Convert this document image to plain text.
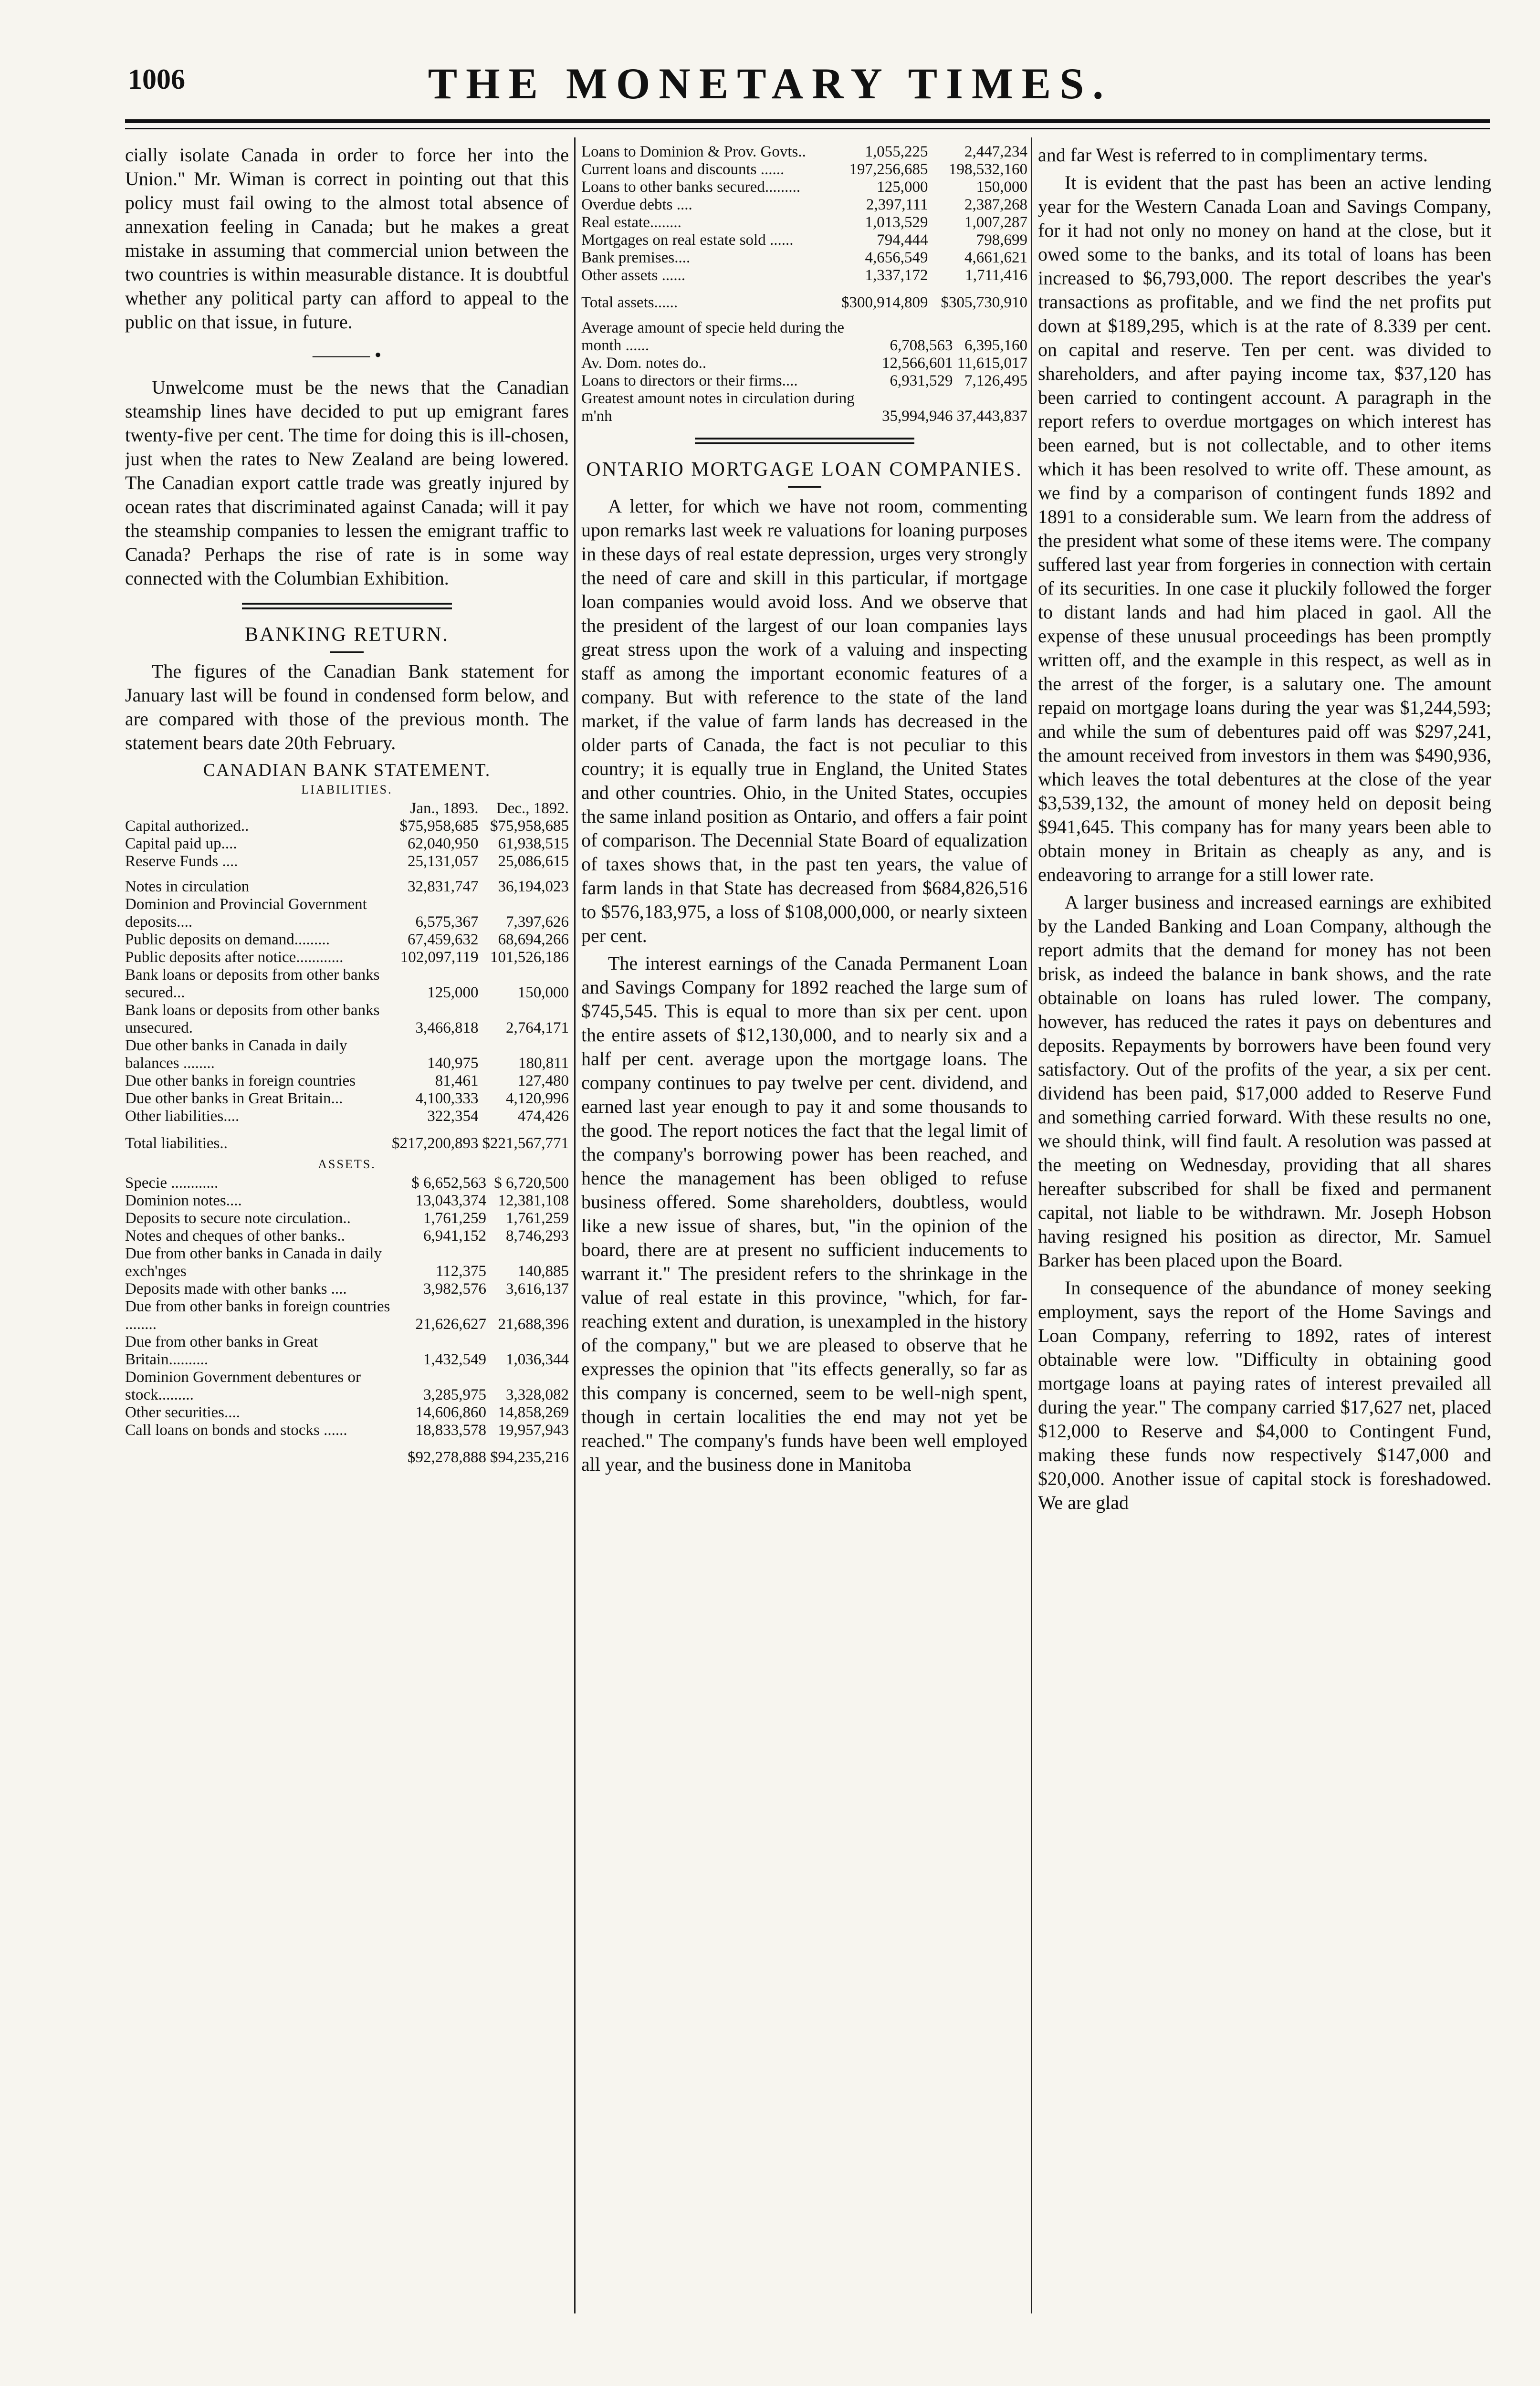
1006	THE MONETARY TIMES.

cially isolate Canada in order to force her into the Union." Mr. Wiman is correct in pointing out that this policy must fail owing to the almost total absence of annexation feeling in Canada; but he makes a great mistake in assuming that commercial union between the two countries is within measurable distance. It is doubtful whether any political party can afford to appeal to the public on that issue, in future.

——— •

Unwelcome must be the news that the Canadian steamship lines have decided to put up emigrant fares twenty-five per cent. The time for doing this is ill-chosen, just when the rates to New Zealand are being lowered. The Canadian export cattle trade was greatly injured by ocean rates that discriminated against Canada; will it pay the steamship companies to lessen the emigrant traffic to Canada? Perhaps the rise of rate is in some way connected with the Columbian Exhibition.

BANKING RETURN.

The figures of the Canadian Bank statement for January last will be found in condensed form below, and are compared with those of the previous month. The statement bears date 20th February.

CANADIAN BANK STATEMENT.
LIABILITIES.
	Jan., 1893.	Dec., 1892.
Capital authorized..	$75,958,685	$75,958,685
Capital paid up....	62,040,950	61,938,515
Reserve Funds ....	25,131,057	25,086,615
Notes in circulation	32,831,747	36,194,023
Dominion and Provincial Government deposits....	6,575,367	7,397,626
Public deposits on demand.........	67,459,632	68,694,266
Public deposits after notice............	102,097,119	101,526,186
Bank loans or deposits from other banks secured...	125,000	150,000
Bank loans or deposits from other banks unsecured.	3,466,818	2,764,171
Due other banks in Canada in daily balances ........	140,975	180,811
Due other banks in foreign countries	81,461	127,480
Due other banks in Great Britain...	4,100,333	4,120,996
Other liabilities....	322,354	474,426
Total liabilities..	$217,200,893	$221,567,771
ASSETS.
Specie ............	$ 6,652,563	$ 6,720,500
Dominion notes....	13,043,374	12,381,108
Deposits to secure note circulation..	1,761,259	1,761,259
Notes and cheques of other banks..	6,941,152	8,746,293
Due from other banks in Canada in daily exch'nges	112,375	140,885
Deposits made with other banks ....	3,982,576	3,616,137
Due from other banks in foreign countries ........	21,626,627	21,688,396
Due from other banks in Great Britain..........	1,432,549	1,036,344
Dominion Government debentures or stock.........	3,285,975	3,328,082
Other securities....	14,606,860	14,858,269
Call loans on bonds and stocks ......	18,833,578	19,957,943
	$92,278,888	$94,235,216
Loans to Dominion & Prov. Govts..	1,055,225	2,447,234
Current loans and discounts ......	197,256,685	198,532,160
Loans to other banks secured.........	125,000	150,000
Overdue debts ....	2,397,111	2,387,268
Real estate........	1,013,529	1,007,287
Mortgages on real estate sold ......	794,444	798,699
Bank premises....	4,656,549	4,661,621
Other assets ......	1,337,172	1,711,416
Total assets......	$300,914,809	$305,730,910
Average amount of specie held during the month ......	6,708,563	6,395,160
Av. Dom. notes do..	12,566,601	11,615,017
Loans to directors or their firms....	6,931,529	7,126,495
Greatest amount notes in circulation during m'nh	35,994,946	37,443,837
ONTARIO MORTGAGE LOAN COMPANIES.

A letter, for which we have not room, commenting upon remarks last week re valuations for loaning purposes in these days of real estate depression, urges very strongly the need of care and skill in this particular, if mortgage loan companies would avoid loss. And we observe that the president of the largest of our loan companies lays great stress upon the work of a valuing and inspecting staff as among the important economic features of a company. But with reference to the state of the land market, if the value of farm lands has decreased in the older parts of Canada, the fact is not peculiar to this country; it is equally true in England, the United States and other countries. Ohio, in the United States, occupies the same inland position as Ontario, and offers a fair point of comparison. The Decennial State Board of equalization of taxes shows that, in the past ten years, the value of farm lands in that State has decreased from $684,826,516 to $576,183,975, a loss of $108,000,000, or nearly sixteen per cent.

The interest earnings of the Canada Permanent Loan and Savings Company for 1892 reached the large sum of $745,545. This is equal to more than six per cent. upon the entire assets of $12,130,000, and to nearly six and a half per cent. average upon the mortgage loans. The company continues to pay twelve per cent. dividend, and earned last year enough to pay it and some thousands to the good. The report notices the fact that the legal limit of the company's borrowing power has been reached, and hence the management has been obliged to refuse business offered. Some shareholders, doubtless, would like a new issue of shares, but, "in the opinion of the board, there are at present no sufficient inducements to warrant it." The president refers to the shrinkage in the value of real estate in this province, "which, for far-reaching extent and duration, is unexampled in the history of the company," but we are pleased to observe that he expresses the opinion that "its effects generally, so far as this company is concerned, seem to be well-nigh spent, though in certain localities the end may not yet be reached." The company's funds have been well employed all year, and the business done in Manitoba

and far West is referred to in complimentary terms.

It is evident that the past has been an active lending year for the Western Canada Loan and Savings Company, for it had not only no money on hand at the close, but it owed some to the banks, and its total of loans has been increased to $6,793,000. The report describes the year's transactions as profitable, and we find the net profits put down at $189,295, which is at the rate of 8.339 per cent. on capital and reserve. Ten per cent. was divided to shareholders, and after paying income tax, $37,120 has been carried to contingent account. A paragraph in the report refers to overdue mortgages on which interest has been earned, but is not collectable, and to other items which it has been resolved to write off. These amount, as we find by a comparison of contingent funds 1892 and 1891 to a considerable sum. We learn from the address of the president what some of these items were. The company suffered last year from forgeries in connection with certain of its securities. In one case it pluckily followed the forger to distant lands and had him placed in gaol. All the expense of these unusual proceedings has been promptly written off, and the example in this respect, as well as in the arrest of the forger, is a salutary one. The amount repaid on mortgage loans during the year was $1,244,593; and while the sum of debentures paid off was $297,241, the amount received from investors in them was $490,936, which leaves the total debentures at the close of the year $3,539,132, the amount of money held on deposit being $941,645. This company has for many years been able to obtain money in Britain as cheaply as any, and is endeavoring to arrange for a still lower rate.

A larger business and increased earnings are exhibited by the Landed Banking and Loan Company, although the report admits that the demand for money has not been brisk, as indeed the balance in bank shows, and the rate obtainable on loans has ruled lower. The company, however, has reduced the rates it pays on debentures and deposits. Repayments by borrowers have been found very satisfactory. Out of the profits of the year, a six per cent. dividend has been paid, $17,000 added to Reserve Fund and something carried forward. With these results no one, we should think, will find fault. A resolution was passed at the meeting on Wednesday, providing that all shares hereafter subscribed for shall be fixed and permanent capital, not liable to be withdrawn. Mr. Joseph Hobson having resigned his position as director, Mr. Samuel Barker has been placed upon the Board.

In consequence of the abundance of money seeking employment, says the report of the Home Savings and Loan Company, referring to 1892, rates of interest obtainable were low. "Difficulty in obtaining good mortgage loans at paying rates of interest prevailed all during the year." The company carried $17,627 net, placed $12,000 to Reserve and $4,000 to Contingent Fund, making these funds now respectively $147,000 and $20,000. Another issue of capital stock is foreshadowed. We are glad
